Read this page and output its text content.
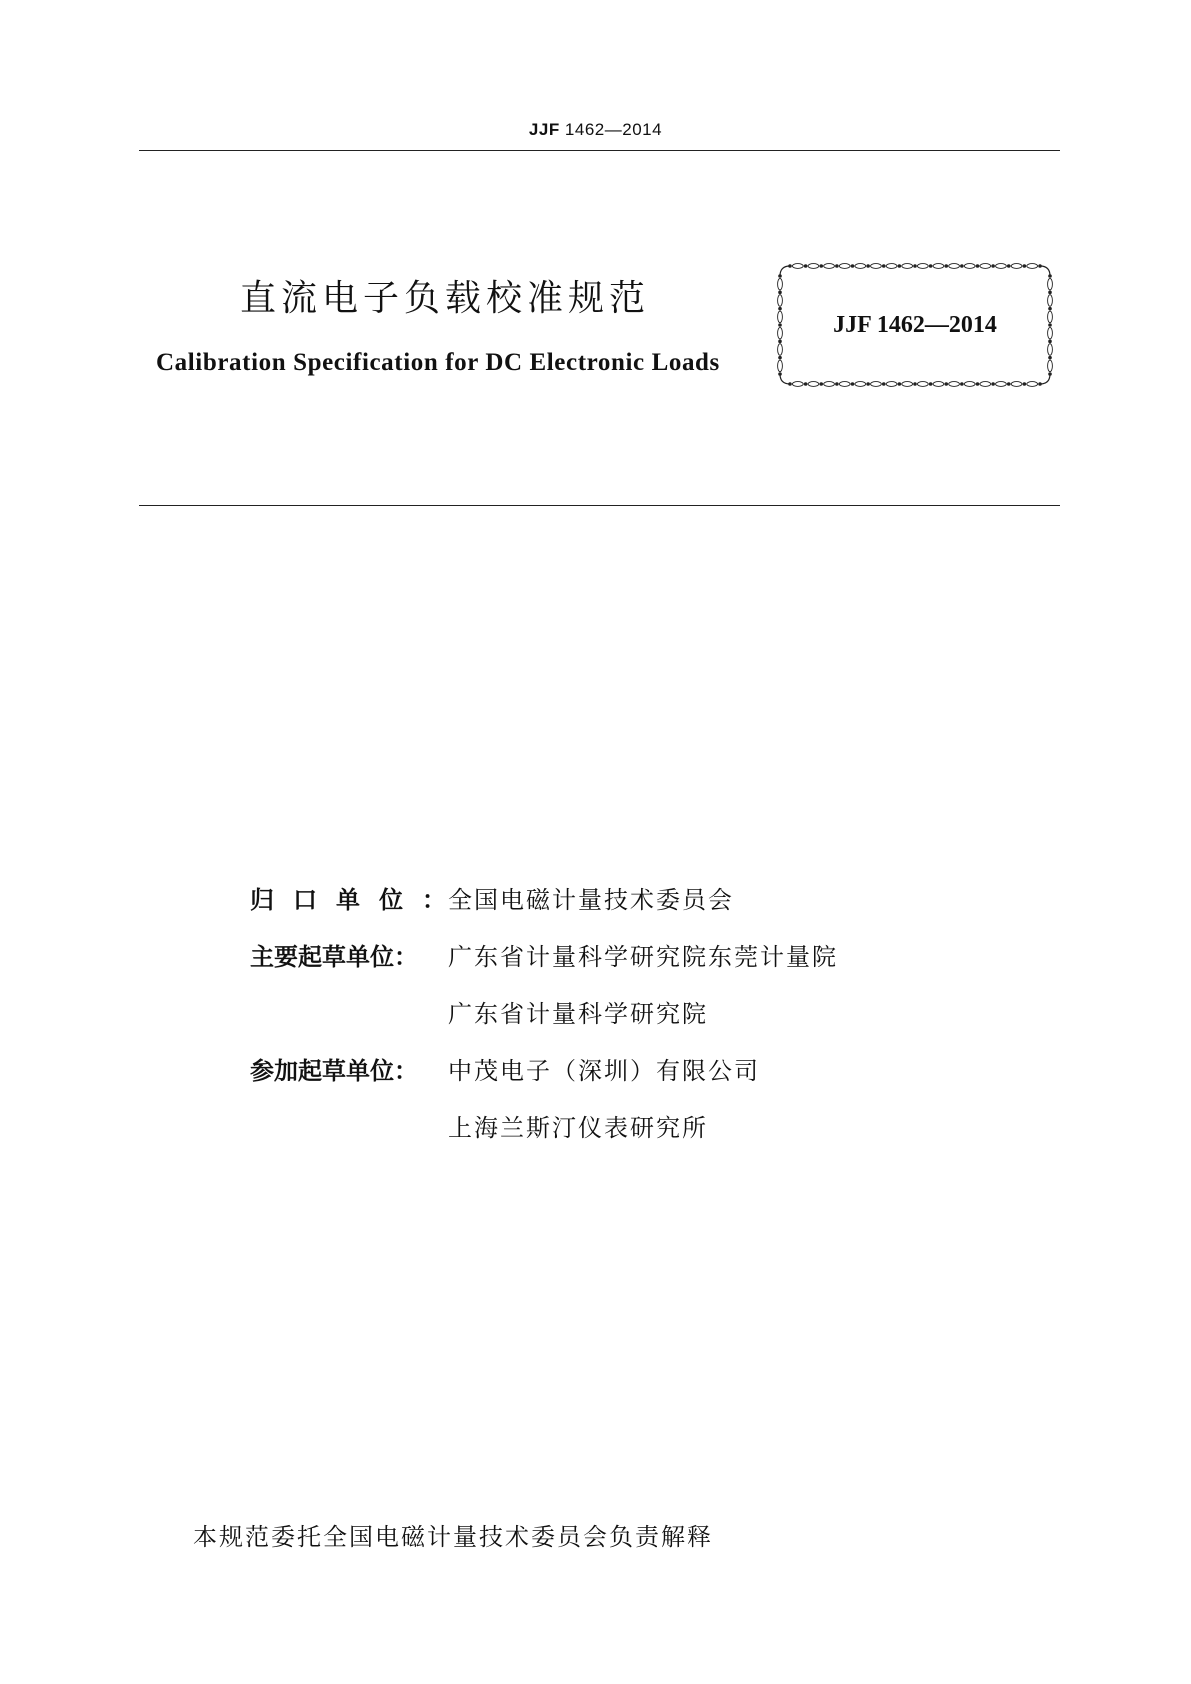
JJF 1462—2014
直流电子负载校准规范
Calibration Specification for DC Electronic Loads
JJF 1462—2014
归口单位： 全国电磁计量技术委员会
主要起草单位：	广东省计量科学研究院东莞计量院
广东省计量科学研究院
参加起草单位：	中茂电子（深圳）有限公司
上海兰斯汀仪表研究所
本规范委托全国电磁计量技术委员会负责解释
